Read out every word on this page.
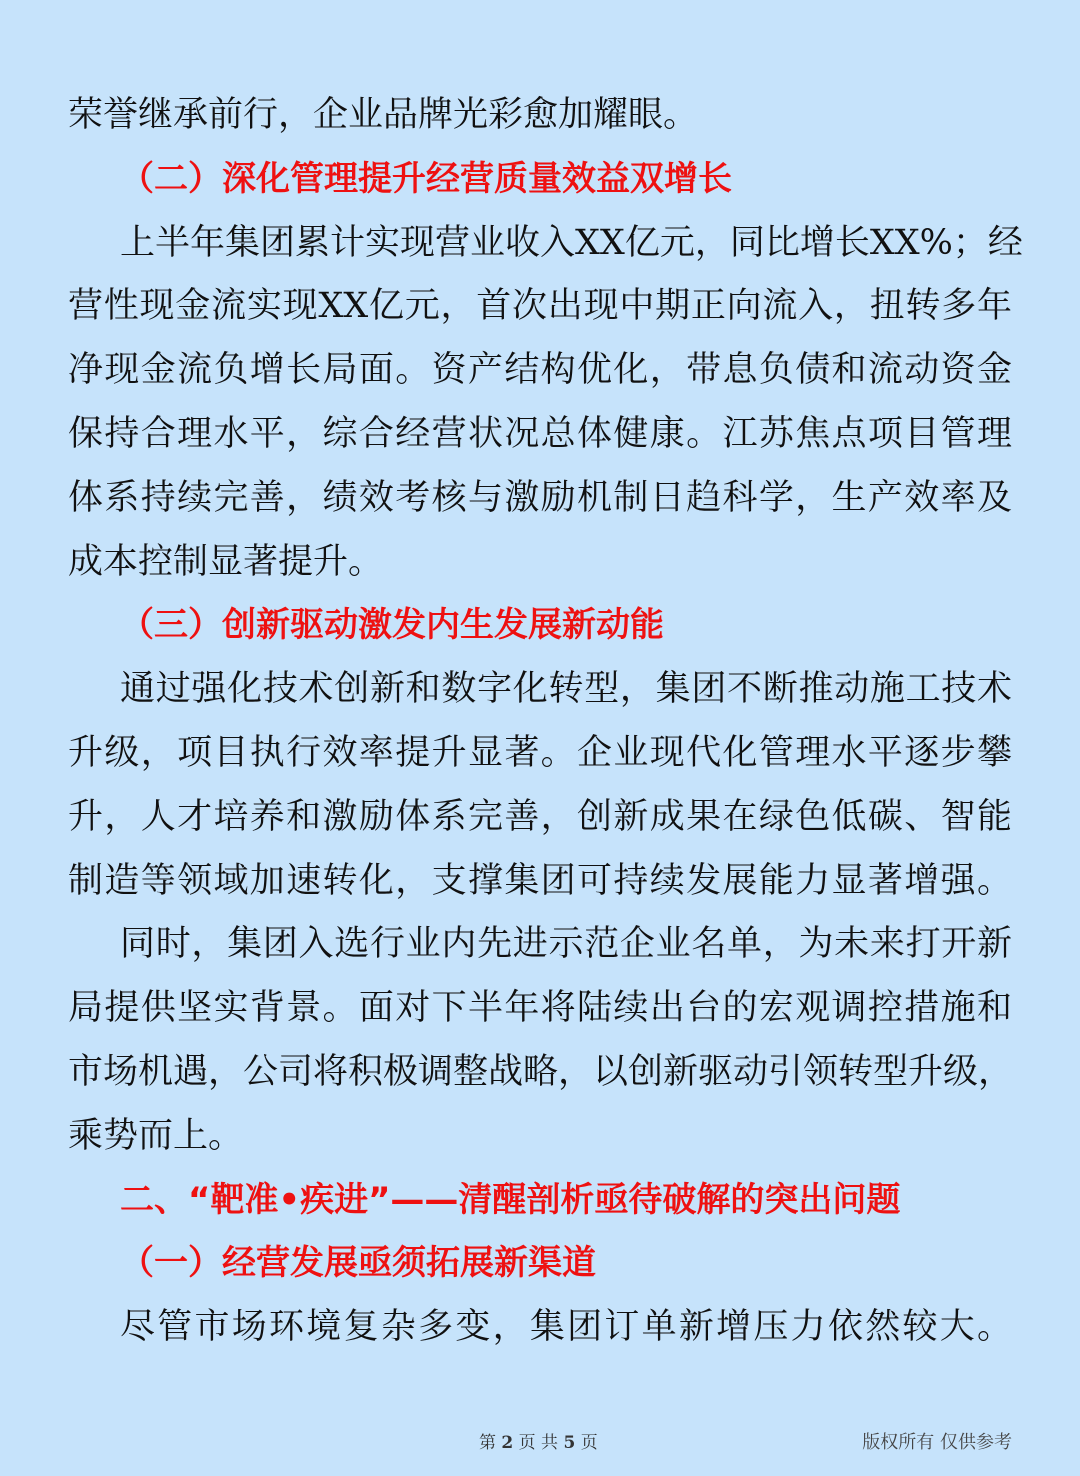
荣誉继承前行，企业品牌光彩愈加耀眼。
（二）深化管理提升经营质量效益双增长
上半年集团累计实现营业收入XX亿元，同比增长XX%；经
营性现金流实现XX亿元，首次出现中期正向流入，扭转多年
净现金流负增长局面。资产结构优化，带息负债和流动资金
保持合理水平，综合经营状况总体健康。江苏焦点项目管理
体系持续完善，绩效考核与激励机制日趋科学，生产效率及
成本控制显著提升。
（三）创新驱动激发内生发展新动能
通过强化技术创新和数字化转型，集团不断推动施工技术
升级，项目执行效率提升显著。企业现代化管理水平逐步攀
升，人才培养和激励体系完善，创新成果在绿色低碳、智能
制造等领域加速转化，支撑集团可持续发展能力显著增强。
同时，集团入选行业内先进示范企业名单，为未来打开新
局提供坚实背景。面对下半年将陆续出台的宏观调控措施和
市场机遇，公司将积极调整战略，以创新驱动引领转型升级，
乘势而上。
二、“靶准•疾进”——清醒剖析亟待破解的突出问题
（一）经营发展亟须拓展新渠道
尽管市场环境复杂多变，集团订单新增压力依然较大。
第 2 页 共 5 页	版权所有 仅供参考
